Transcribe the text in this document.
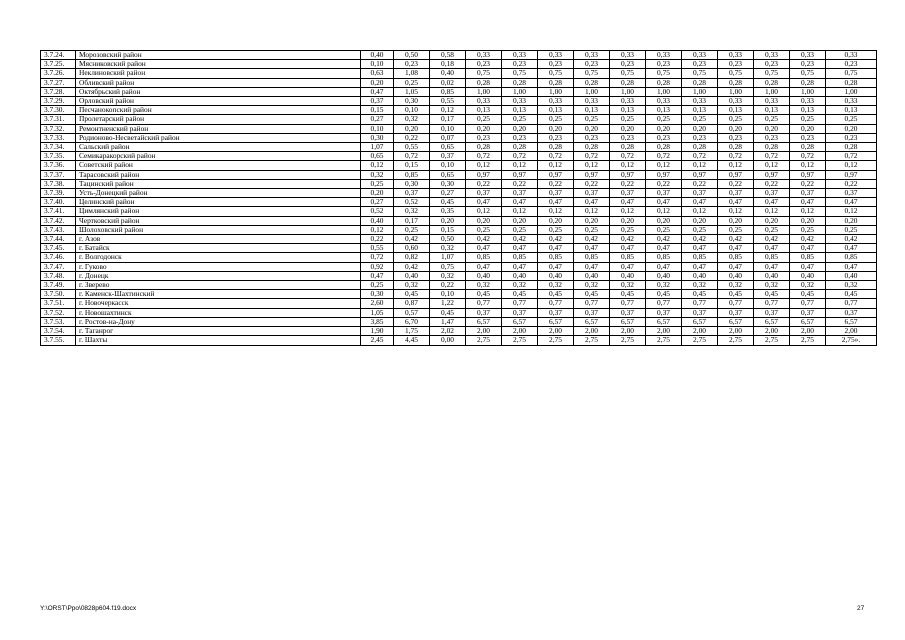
3.7.24.	Морозовский район	0,40	0,50	0,58	0,33	0,33	0,33	0,33	0,33	0,33	0,33	0,33	0,33	0,33	0,33
3.7.25.	Мясниковский район	0,10	0,23	0,18	0,23	0,23	0,23	0,23	0,23	0,23	0,23	0,23	0,23	0,23	0,23
3.7.26.	Неклиновский район	0,63	1,08	0,40	0,75	0,75	0,75	0,75	0,75	0,75	0,75	0,75	0,75	0,75	0,75
3.7.27.	Обливский район	0,20	0,25	0,02	0,28	0,28	0,28	0,28	0,28	0,28	0,28	0,28	0,28	0,28	0,28
3.7.28.	Октябрьский район	0,47	1,05	0,85	1,00	1,00	1,00	1,00	1,00	1,00	1,00	1,00	1,00	1,00	1,00
3.7.29.	Орловский район	0,37	0,30	0,55	0,33	0,33	0,33	0,33	0,33	0,33	0,33	0,33	0,33	0,33	0,33
3.7.30.	Песчанокопский район	0,15	0,10	0,12	0,13	0,13	0,13	0,13	0,13	0,13	0,13	0,13	0,13	0,13	0,13
3.7.31.	Пролетарский район	0,27	0,32	0,17	0,25	0,25	0,25	0,25	0,25	0,25	0,25	0,25	0,25	0,25	0,25
3.7.32.	Ремонтненский район	0,10	0,20	0,10	0,20	0,20	0,20	0,20	0,20	0,20	0,20	0,20	0,20	0,20	0,20
3.7.33.	Родионово-Несветайский район	0,30	0,22	0,07	0,23	0,23	0,23	0,23	0,23	0,23	0,23	0,23	0,23	0,23	0,23
3.7.34.	Сальский район	1,07	0,55	0,65	0,28	0,28	0,28	0,28	0,28	0,28	0,28	0,28	0,28	0,28	0,28
3.7.35.	Семикаракорский район	0,65	0,72	0,37	0,72	0,72	0,72	0,72	0,72	0,72	0,72	0,72	0,72	0,72	0,72
3.7.36.	Советский район	0,12	0,15	0,10	0,12	0,12	0,12	0,12	0,12	0,12	0,12	0,12	0,12	0,12	0,12
3.7.37.	Тарасовский район	0,32	0,85	0,65	0,97	0,97	0,97	0,97	0,97	0,97	0,97	0,97	0,97	0,97	0,97
3.7.38.	Тацинский район	0,25	0,30	0,30	0,22	0,22	0,22	0,22	0,22	0,22	0,22	0,22	0,22	0,22	0,22
3.7.39.	Усть-Донецкий район	0,20	0,37	0,27	0,37	0,37	0,37	0,37	0,37	0,37	0,37	0,37	0,37	0,37	0,37
3.7.40.	Целинский район	0,27	0,52	0,45	0,47	0,47	0,47	0,47	0,47	0,47	0,47	0,47	0,47	0,47	0,47
3.7.41.	Цимлянский район	0,52	0,32	0,35	0,12	0,12	0,12	0,12	0,12	0,12	0,12	0,12	0,12	0,12	0,12
3.7.42.	Чертковский район	0,40	0,17	0,20	0,20	0,20	0,20	0,20	0,20	0,20	0,20	0,20	0,20	0,20	0,20
3.7.43.	Шолоховский район	0,12	0,25	0,15	0,25	0,25	0,25	0,25	0,25	0,25	0,25	0,25	0,25	0,25	0,25
3.7.44.	г. Азов	0,22	0,42	0,50	0,42	0,42	0,42	0,42	0,42	0,42	0,42	0,42	0,42	0,42	0,42
3.7.45.	г. Батайск	0,55	0,60	0,32	0,47	0,47	0,47	0,47	0,47	0,47	0,47	0,47	0,47	0,47	0,47
3.7.46.	г. Волгодонск	0,72	0,82	1,07	0,85	0,85	0,85	0,85	0,85	0,85	0,85	0,85	0,85	0,85	0,85
3.7.47.	г. Гуково	0,92	0,42	0,75	0,47	0,47	0,47	0,47	0,47	0,47	0,47	0,47	0,47	0,47	0,47
3.7.48.	г. Донецк	0,47	0,40	0,32	0,40	0,40	0,40	0,40	0,40	0,40	0,40	0,40	0,40	0,40	0,40
3.7.49.	г. Зверево	0,25	0,32	0,22	0,32	0,32	0,32	0,32	0,32	0,32	0,32	0,32	0,32	0,32	0,32
3.7.50.	г. Каменск-Шахтинский	0,30	0,45	0,10	0,45	0,45	0,45	0,45	0,45	0,45	0,45	0,45	0,45	0,45	0,45
3.7.51.	г. Новочеркасск	2,60	0,87	1,22	0,77	0,77	0,77	0,77	0,77	0,77	0,77	0,77	0,77	0,77	0,77
3.7.52.	г. Новошахтинск	1,05	0,57	0,45	0,37	0,37	0,37	0,37	0,37	0,37	0,37	0,37	0,37	0,37	0,37
3.7.53.	г. Ростов-на-Дону	3,85	6,70	1,47	6,57	6,57	6,57	6,57	6,57	6,57	6,57	6,57	6,57	6,57	6,57
3.7.54.	г. Таганрог	1,90	1,75	2,02	2,00	2,00	2,00	2,00	2,00	2,00	2,00	2,00	2,00	2,00	2,00
3.7.55.	г. Шахты	2,45	4,45	0,00	2,75	2,75	2,75	2,75	2,75	2,75	2,75	2,75	2,75	2,75	2,75».
Y:\ORST\Ppo\0828p604.f19.docx	27
